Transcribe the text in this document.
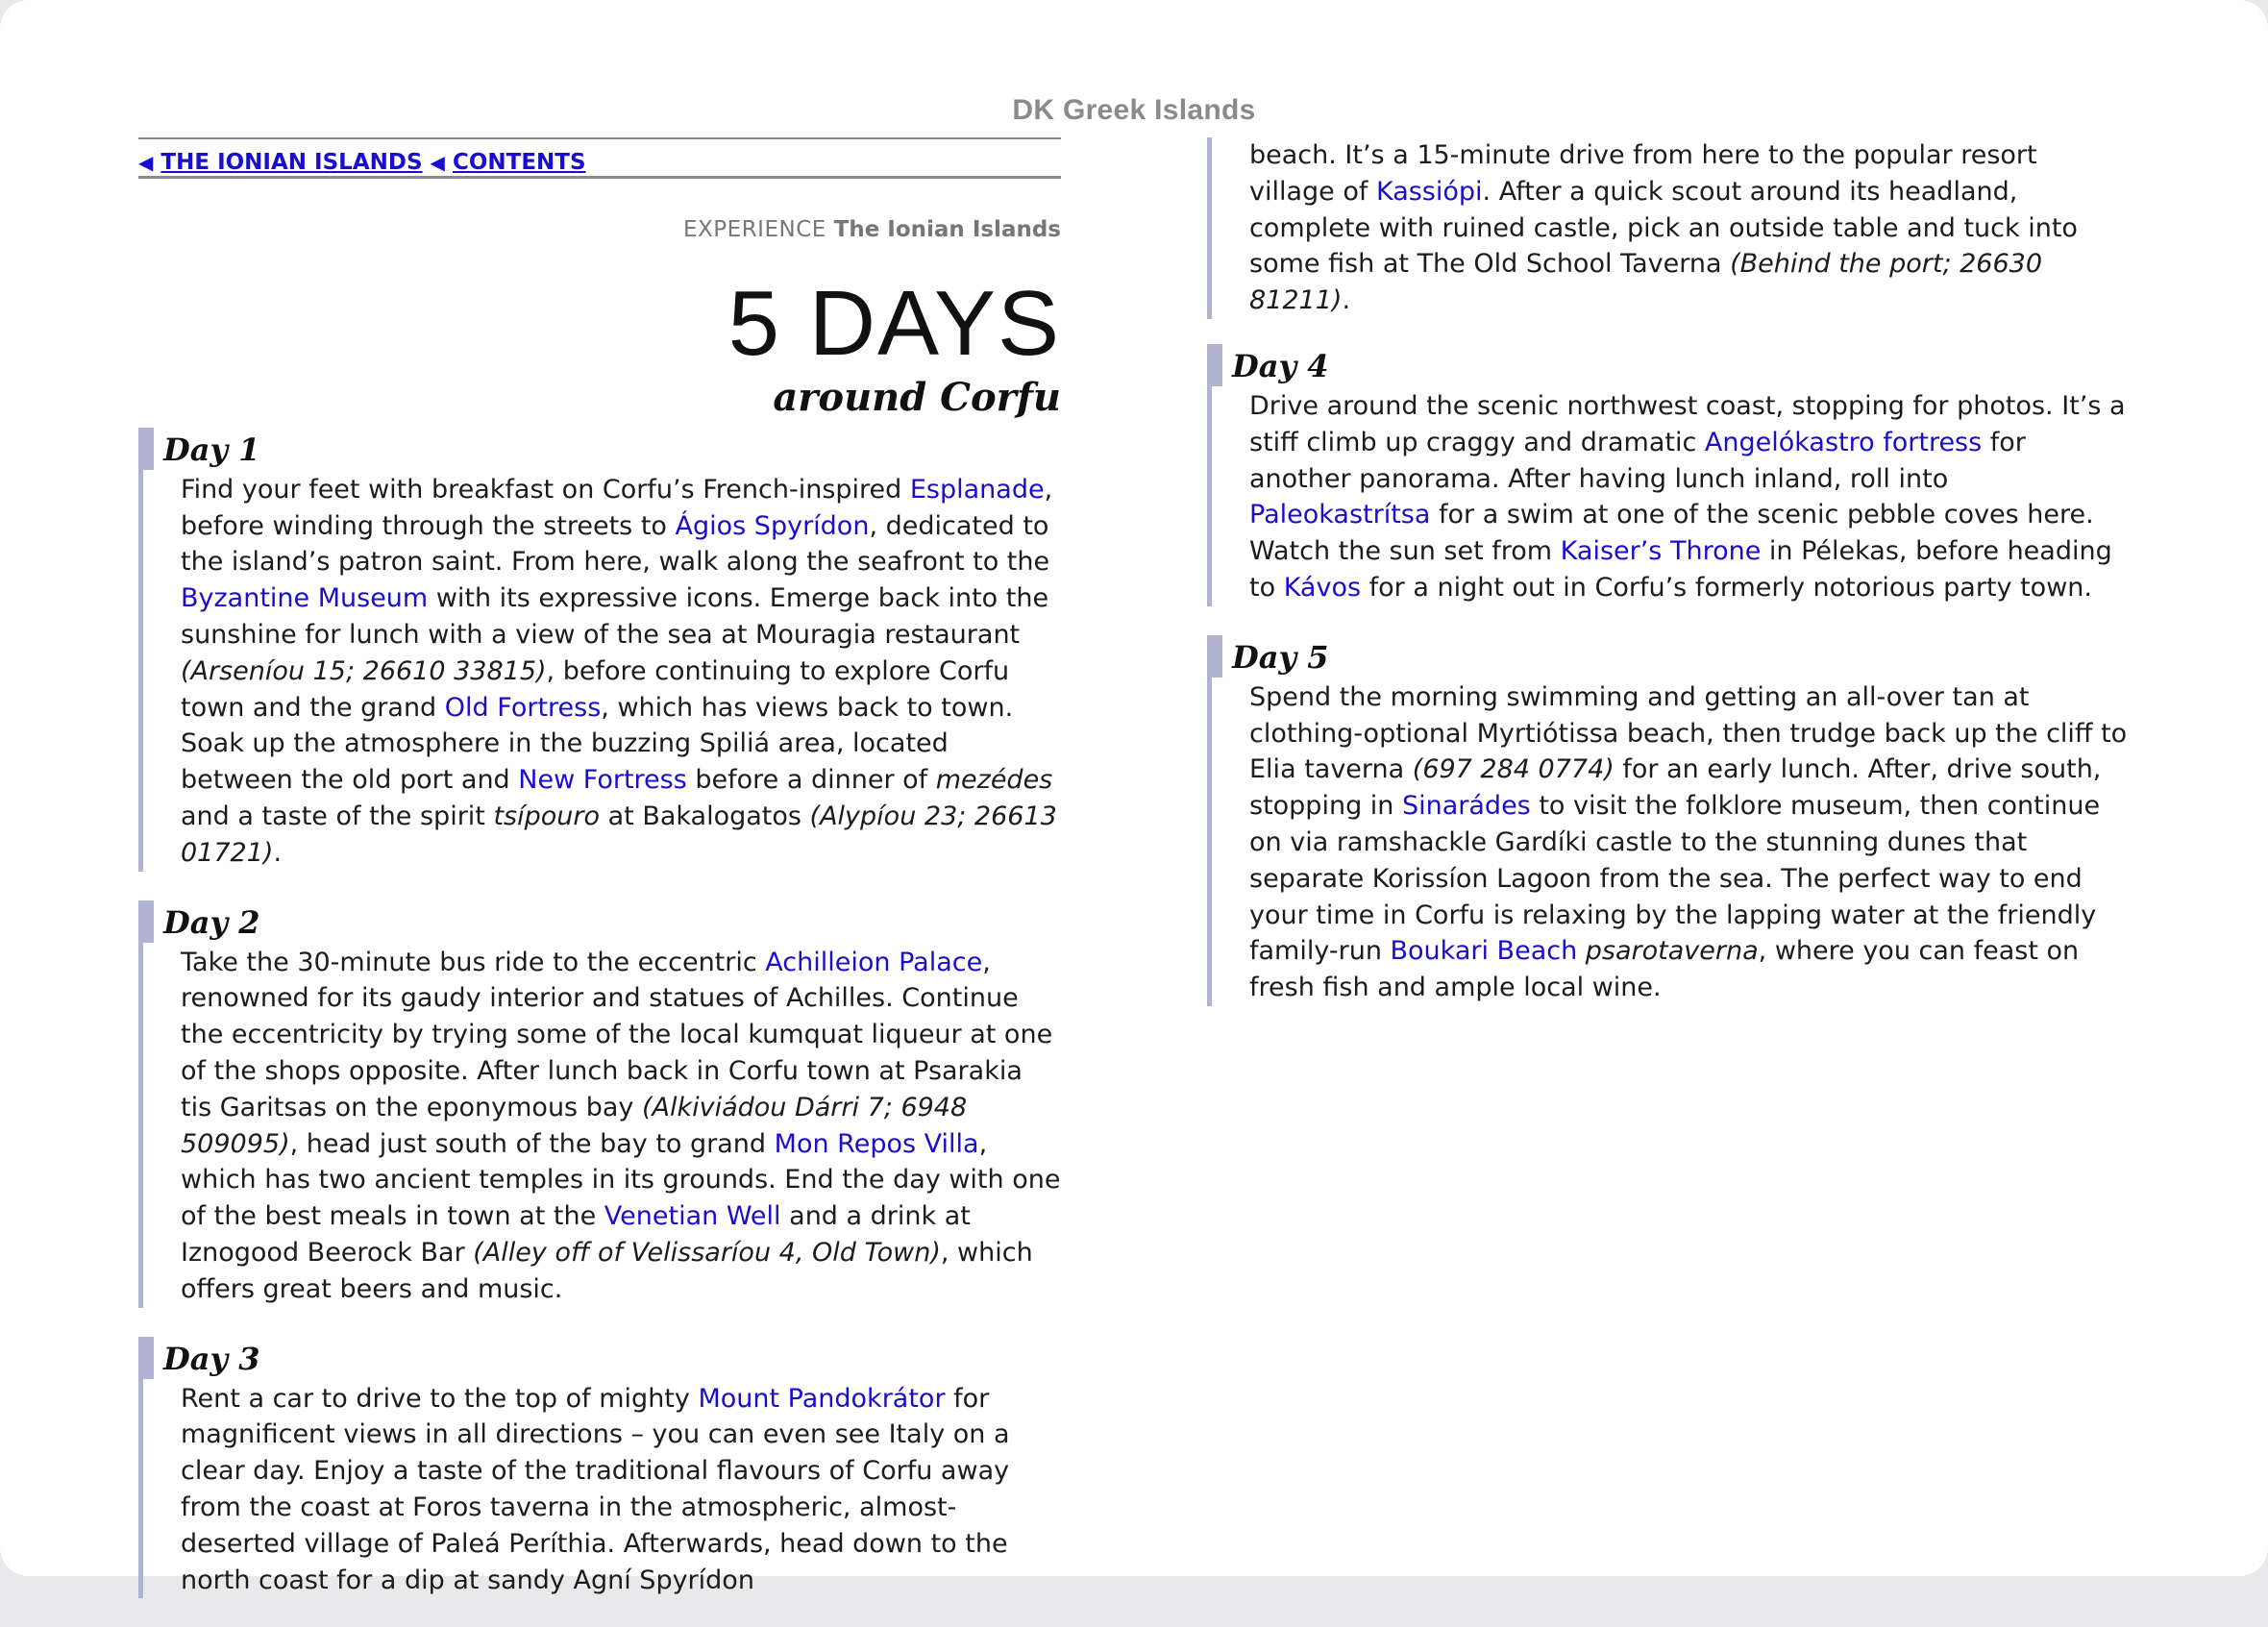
DK Greek Islands
◀ THE IONIAN ISLANDS ◀ CONTENTS
EXPERIENCE The Ionian Islands
5 DAYS
around Corfu
Day 1

Find your feet with breakfast on Corfu’s French-inspired Esplanade, before winding through the streets to Ágios Spyrídon, dedicated to the island’s patron saint. From here, walk along the seafront to the Byzantine Museum with its expressive icons. Emerge back into the sunshine for lunch with a view of the sea at Mouragia restaurant (Arseníou 15; 26610 33815), before continuing to explore Corfu town and the grand Old Fortress, which has views back to town. Soak up the atmosphere in the buzzing Spiliá area, located between the old port and New Fortress before a dinner of mezédes and a taste of the spirit tsípouro at Bakalogatos (Alypíou 23; 26613 01721).

Day 2

Take the 30-minute bus ride to the eccentric Achilleion Palace, renowned for its gaudy interior and statues of Achilles. Continue the eccentricity by trying some of the local kumquat liqueur at one of the shops opposite. After lunch back in Corfu town at Psarakia tis Garitsas on the eponymous bay (Alkiviádou Dárri 7; 6948 509095), head just south of the bay to grand Mon Repos Villa, which has two ancient temples in its grounds. End the day with one of the best meals in town at the Venetian Well and a drink at Iznogood Beerock Bar (Alley off of Velissaríou 4, Old Town), which offers great beers and music.

Day 3

Rent a car to drive to the top of mighty Mount Pandokrátor for magnificent views in all directions – you can even see Italy on a clear day. Enjoy a taste of the traditional flavours of Corfu away from the coast at Foros taverna in the atmospheric, almost-deserted village of Paleá Períthia. Afterwards, head down to the north coast for a dip at sandy Agní Spyrídon

beach. It’s a 15-minute drive from here to the popular resort village of Kassiópi. After a quick scout around its headland, complete with ruined castle, pick an outside table and tuck into some fish at The Old School Taverna (Behind the port; 26630 81211).

Day 4

Drive around the scenic northwest coast, stopping for photos. It’s a stiff climb up craggy and dramatic Angelókastro fortress for another panorama. After having lunch inland, roll into Paleokastrítsa for a swim at one of the scenic pebble coves here. Watch the sun set from Kaiser’s Throne in Pélekas, before heading to Kávos for a night out in Corfu’s formerly notorious party town.

Day 5

Spend the morning swimming and getting an all-over tan at clothing-optional Myrtiótissa beach, then trudge back up the cliff to Elia taverna (697 284 0774) for an early lunch. After, drive south, stopping in Sinarádes to visit the folklore museum, then continue on via ramshackle Gardíki castle to the stunning dunes that separate Korissíon Lagoon from the sea. The perfect way to end your time in Corfu is relaxing by the lapping water at the friendly family-run Boukari Beach psarotaverna, where you can feast on fresh fish and ample local wine.
